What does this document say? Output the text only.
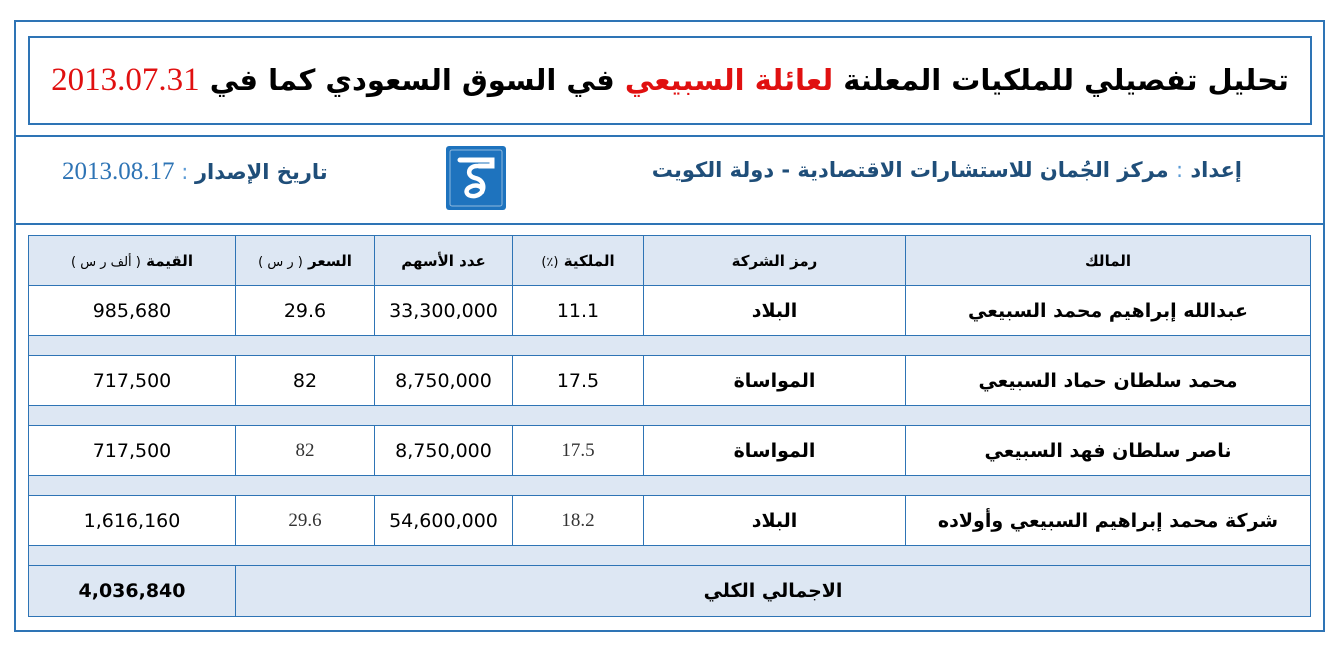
تحليل تفصيلي للملكيات المعلنة لعائلة السبيعي في السوق السعودي كما في 2013.07.31
إعداد : مركز الجُمان للاستشارات الاقتصادية - دولة الكويت
تاريخ الإصدار : 2013.08.17
المالك	رمز الشركة	الملكية (٪)	عدد الأسهم	السعر ( ر س )	القيمة ( ألف ر س )
عبدالله إبراهيم محمد السبيعي	البلاد	11.1	33,300,000	29.6	985,680

محمد سلطان حماد السبيعي	المواساة	17.5	8,750,000	82	717,500

ناصر سلطان فهد السبيعي	المواساة	17.5	8,750,000	82	717,500

شركة محمد إبراهيم السبيعي وأولاده	البلاد	18.2	54,600,000	29.6	1,616,160

الاجمالي الكلي					4,036,840
